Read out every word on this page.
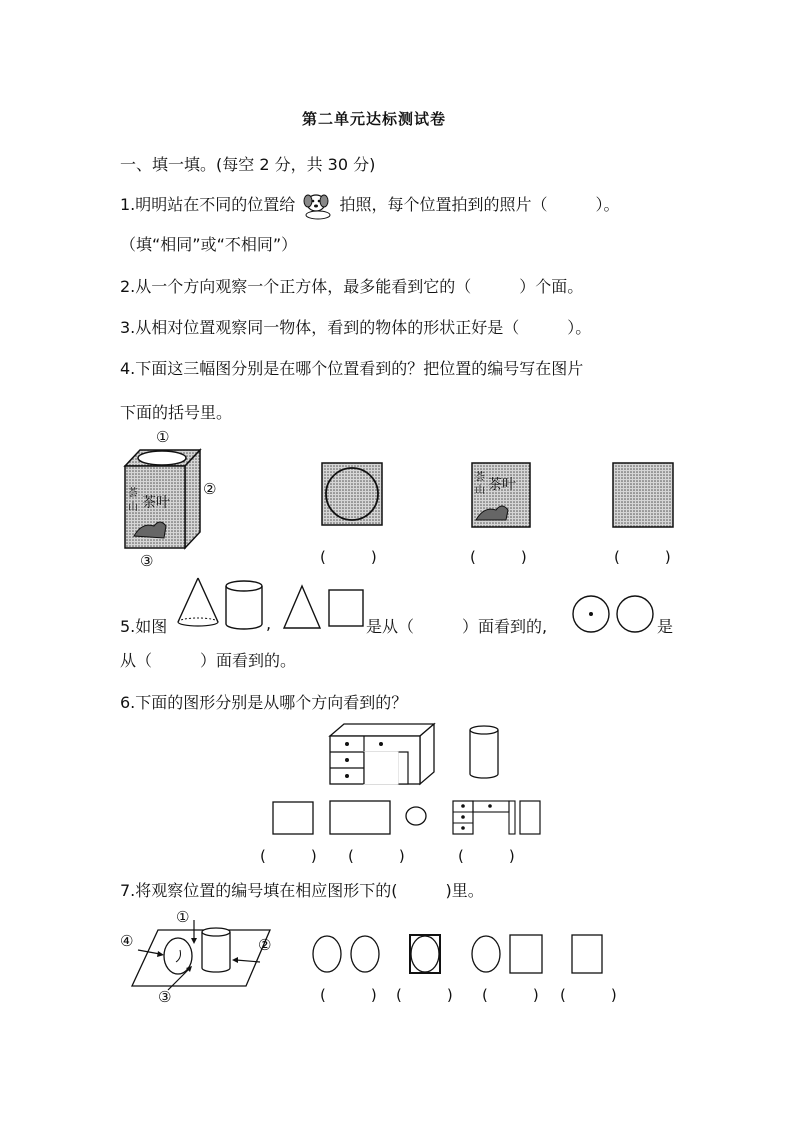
第二单元达标测试卷
一、填一填。(每空 2 分，共 30 分)
1.明明站在不同的位置给	拍照，每个位置拍到的照片（　　　）。
（填“相同”或“不相同”）
2.从一个方向观察一个正方体，最多能看到它的（　　　）个面。
3.从相对位置观察同一物体，看到的物体的形状正好是（　　　）。
4.下面这三幅图分别是在哪个位置看到的？把位置的编号写在图片
下面的括号里。
①
②
③
荟
山 茶叶
荟
山 茶叶
(　　　)	(　　　)	(　　　)
5.如图	,	是从（　　　）面看到的,	是
从（　　　）面看到的。
6.下面的图形分别是从哪个方向看到的？
(　　　) (　　　)	(　　　)
7.将观察位置的编号填在相应图形下的(　　　)里。
①
②
③
④
(　　　) (　　　) (　　　) (　　　)
